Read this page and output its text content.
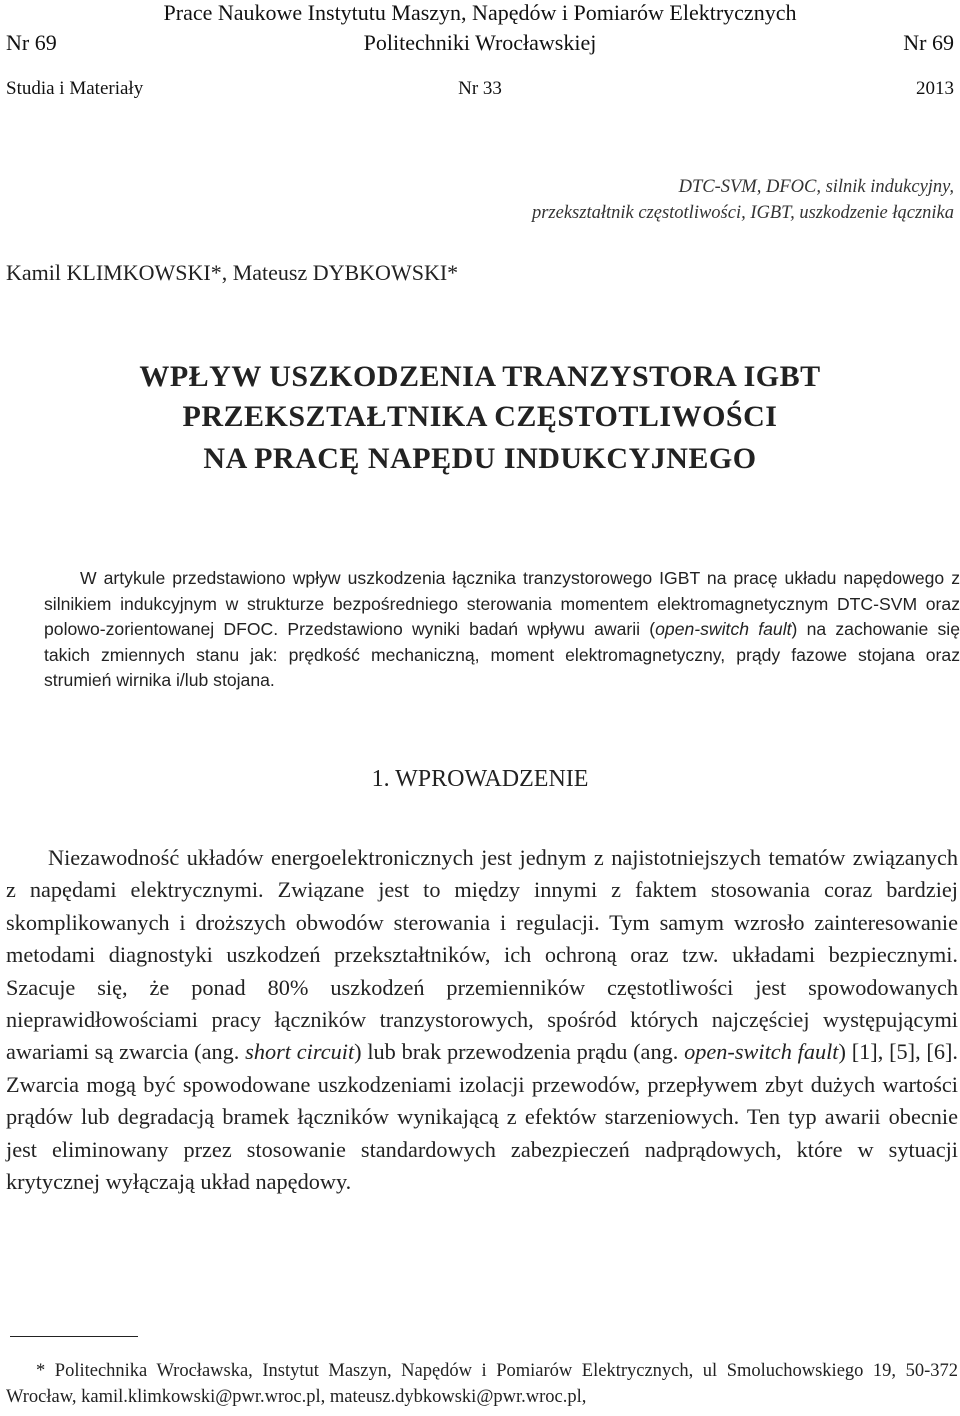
Prace Naukowe Instytutu Maszyn, Napędów i Pomiarów Elektrycznych
Nr 69	Politechniki Wrocławskiej	Nr 69
Studia i Materiały	Nr 33	2013
DTC-SVM, DFOC, silnik indukcyjny,
przekształtnik częstotliwości, IGBT, uszkodzenie łącznika
Kamil KLIMKOWSKI*, Mateusz DYBKOWSKI*
WPŁYW USZKODZENIA TRANZYSTORA IGBT
PRZEKSZTAŁTNIKA CZĘSTOTLIWOŚCI
NA PRACĘ NAPĘDU INDUKCYJNEGO

W artykule przedstawiono wpływ uszkodzenia łącznika tranzystorowego IGBT na pracę układu napędowego z silnikiem indukcyjnym w strukturze bezpośredniego sterowania momentem elektromagnetycznym DTC-SVM oraz polowo-zorientowanej DFOC. Przedstawiono wyniki badań wpływu awarii (open-switch fault) na zachowanie się takich zmiennych stanu jak: prędkość mechaniczną, moment elektromagnetyczny, prądy fazowe stojana oraz strumień wirnika i/lub stojana.

1. WPROWADZENIE

Niezawodność układów energoelektronicznych jest jednym z najistotniejszych tematów związanych z napędami elektrycznymi. Związane jest to między innymi z faktem stosowania coraz bardziej skomplikowanych i droższych obwodów sterowania i regulacji. Tym samym wzrosło zainteresowanie metodami diagnostyki uszkodzeń przekształtników, ich ochroną oraz tzw. układami bezpiecznymi. Szacuje się, że ponad 80% uszkodzeń przemienników częstotliwości jest spowodowanych nieprawidłowościami pracy łączników tranzystorowych, spośród których najczęściej występującymi awariami są zwarcia (ang. short circuit) lub brak przewodzenia prądu (ang. open-switch fault) [1], [5], [6]. Zwarcia mogą być spowodowane uszkodzeniami izolacji przewodów, przepływem zbyt dużych wartości prądów lub degradacją bramek łączników wynikającą z efektów starzeniowych. Ten typ awarii obecnie jest eliminowany przez stosowanie standardowych zabezpieczeń nadprądowych, które w sytuacji krytycznej wyłączają układ napędowy.

* Politechnika Wrocławska, Instytut Maszyn, Napędów i Pomiarów Elektrycznych, ul Smoluchowskiego 19, 50-372 Wrocław, kamil.klimkowski@pwr.wroc.pl, mateusz.dybkowski@pwr.wroc.pl,
